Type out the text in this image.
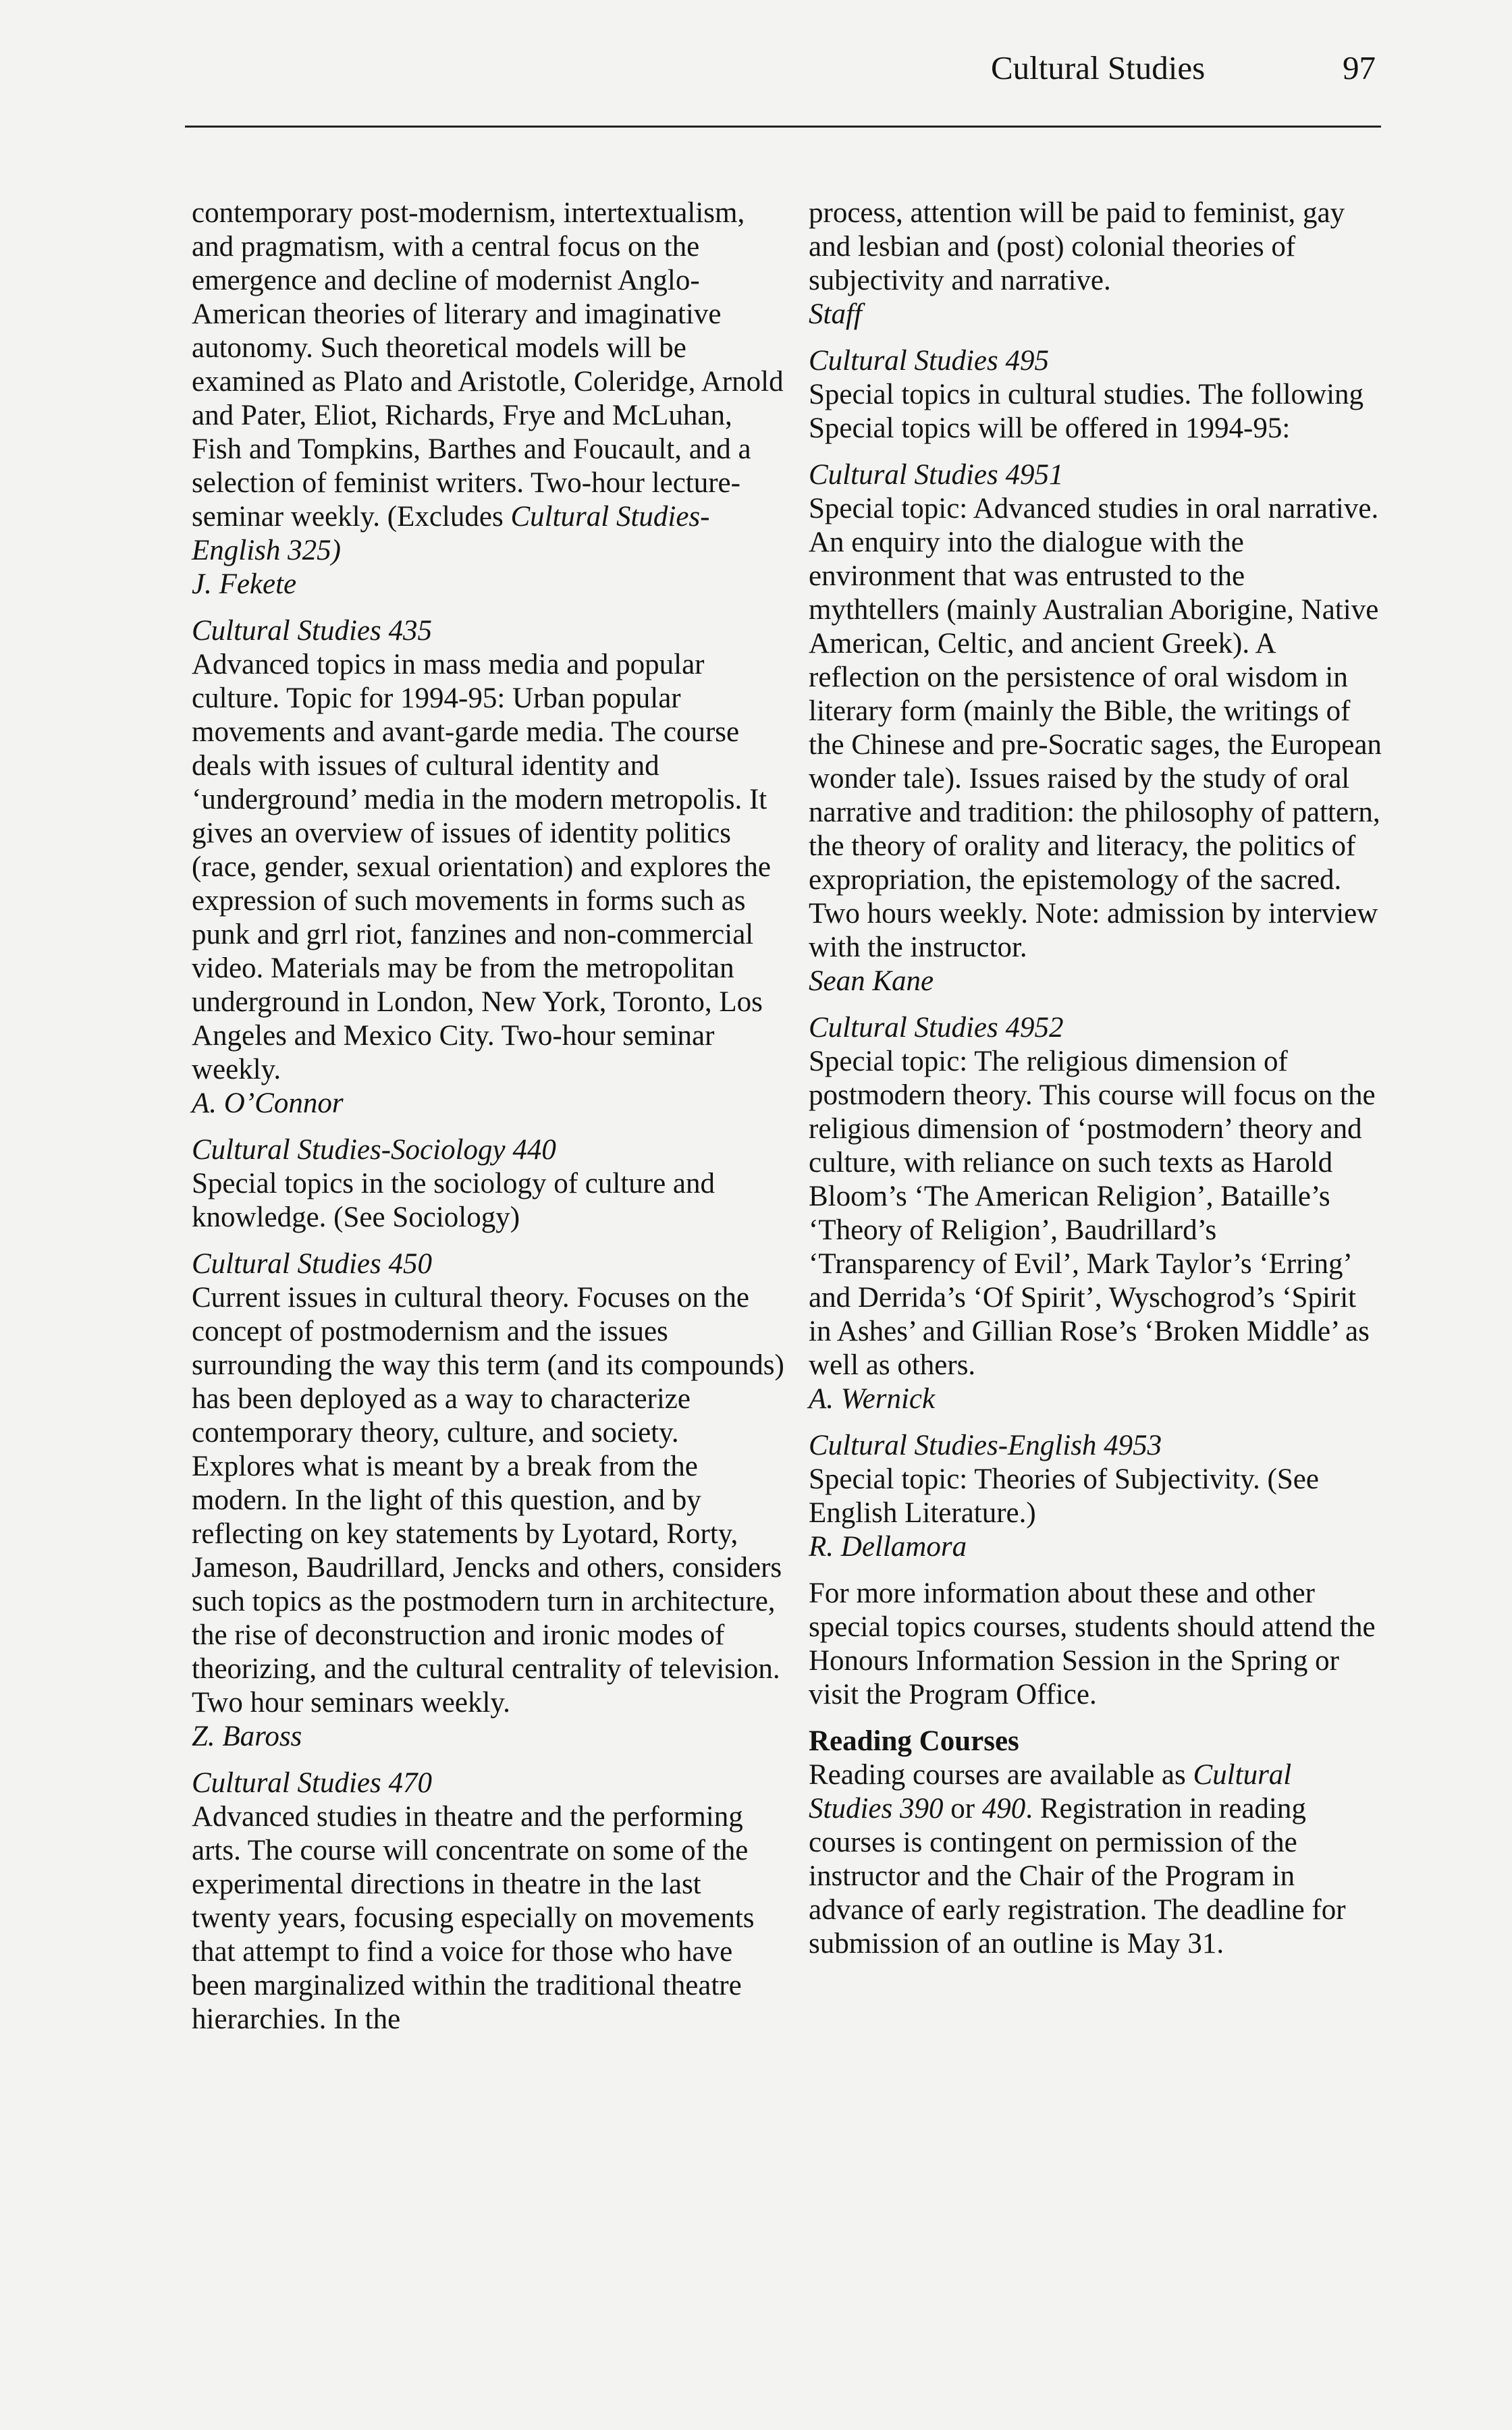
Cultural Studies	97
contemporary post-modernism, intertextualism, and pragmatism, with a central focus on the emergence and decline of modernist Anglo-American theories of literary and imaginative autonomy. Such theoretical models will be examined as Plato and Aristotle, Coleridge, Arnold and Pater, Eliot, Richards, Frye and McLuhan, Fish and Tompkins, Barthes and Foucault, and a selection of feminist writers. Two-hour lecture-seminar weekly. (Excludes Cultural Studies-English 325)
J. Fekete
Cultural Studies 435
Advanced topics in mass media and popular culture. Topic for 1994-95: Urban popular movements and avant-garde media. The course deals with issues of cultural identity and ‘underground’ media in the modern metropolis. It gives an overview of issues of identity politics (race, gender, sexual orientation) and explores the expression of such movements in forms such as punk and grrl riot, fanzines and non-commercial video. Materials may be from the metropolitan underground in London, New York, Toronto, Los Angeles and Mexico City. Two-hour seminar weekly.
A. O’Connor
Cultural Studies-Sociology 440
Special topics in the sociology of culture and knowledge. (See Sociology)
Cultural Studies 450
Current issues in cultural theory. Focuses on the concept of postmodernism and the issues surrounding the way this term (and its compounds) has been deployed as a way to characterize contemporary theory, culture, and society. Explores what is meant by a break from the modern. In the light of this question, and by reflecting on key statements by Lyotard, Rorty, Jameson, Baudrillard, Jencks and others, considers such topics as the postmodern turn in architecture, the rise of deconstruction and ironic modes of theorizing, and the cultural centrality of television. Two hour seminars weekly.
Z. Baross
Cultural Studies 470
Advanced studies in theatre and the performing arts. The course will concentrate on some of the experimental directions in theatre in the last twenty years, focusing especially on movements that attempt to find a voice for those who have been marginalized within the traditional theatre hierarchies. In the
process, attention will be paid to feminist, gay and lesbian and (post) colonial theories of subjectivity and narrative.
Staff
Cultural Studies 495
Special topics in cultural studies. The following Special topics will be offered in 1994-95:
Cultural Studies 4951
Special topic: Advanced studies in oral narrative. An enquiry into the dialogue with the environment that was entrusted to the mythtellers (mainly Australian Aborigine, Native American, Celtic, and ancient Greek). A reflection on the persistence of oral wisdom in literary form (mainly the Bible, the writings of the Chinese and pre-Socratic sages, the European wonder tale). Issues raised by the study of oral narrative and tradition: the philosophy of pattern, the theory of orality and literacy, the politics of expropriation, the epistemology of the sacred. Two hours weekly. Note: admission by interview with the instructor.
Sean Kane
Cultural Studies 4952
Special topic: The religious dimension of postmodern theory. This course will focus on the religious dimension of ‘postmodern’ theory and culture, with reliance on such texts as Harold Bloom’s ‘The American Religion’, Bataille’s ‘Theory of Religion’, Baudrillard’s ‘Transparency of Evil’, Mark Taylor’s ‘Erring’ and Derrida’s ‘Of Spirit’, Wyschogrod’s ‘Spirit in Ashes’ and Gillian Rose’s ‘Broken Middle’ as well as others.
A. Wernick
Cultural Studies-English 4953
Special topic: Theories of Subjectivity. (See English Literature.)
R. Dellamora
For more information about these and other special topics courses, students should attend the Honours Information Session in the Spring or visit the Program Office.
Reading Courses
Reading courses are available as Cultural Studies 390 or 490. Registration in reading courses is contingent on permission of the instructor and the Chair of the Program in advance of early registration. The deadline for submission of an outline is May 31.
